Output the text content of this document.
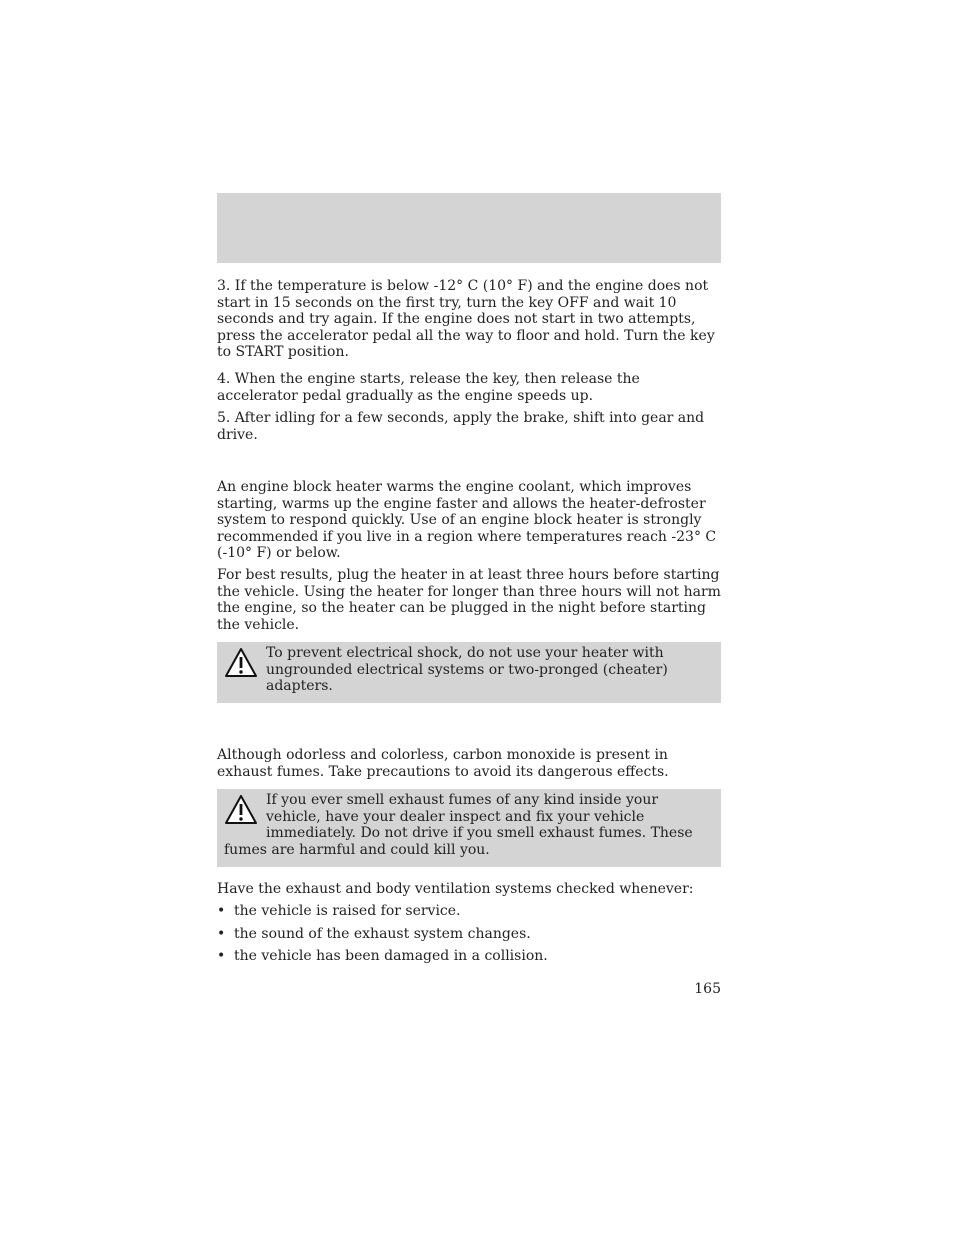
3. If the temperature is below -12° C (10° F) and the engine does not start in 15 seconds on the first try, turn the key OFF and wait 10 seconds and try again. If the engine does not start in two attempts, press the accelerator pedal all the way to floor and hold. Turn the key to START position.

4. When the engine starts, release the key, then release the accelerator pedal gradually as the engine speeds up.

5. After idling for a few seconds, apply the brake, shift into gear and drive.

An engine block heater warms the engine coolant, which improves starting, warms up the engine faster and allows the heater-defroster system to respond quickly. Use of an engine block heater is strongly recommended if you live in a region where temperatures reach -23° C (-10° F) or below.

For best results, plug the heater in at least three hours before starting the vehicle. Using the heater for longer than three hours will not harm the engine, so the heater can be plugged in the night before starting the vehicle.

To prevent electrical shock, do not use your heater with ungrounded electrical systems or two-pronged (cheater) adapters.

Although odorless and colorless, carbon monoxide is present in exhaust fumes. Take precautions to avoid its dangerous effects.

If you ever smell exhaust fumes of any kind inside your vehicle, have your dealer inspect and fix your vehicle immediately. Do not drive if you smell exhaust fumes. These fumes are harmful and could kill you.

Have the exhaust and body ventilation systems checked whenever:

• the vehicle is raised for service.
• the sound of the exhaust system changes.
• the vehicle has been damaged in a collision.
165
